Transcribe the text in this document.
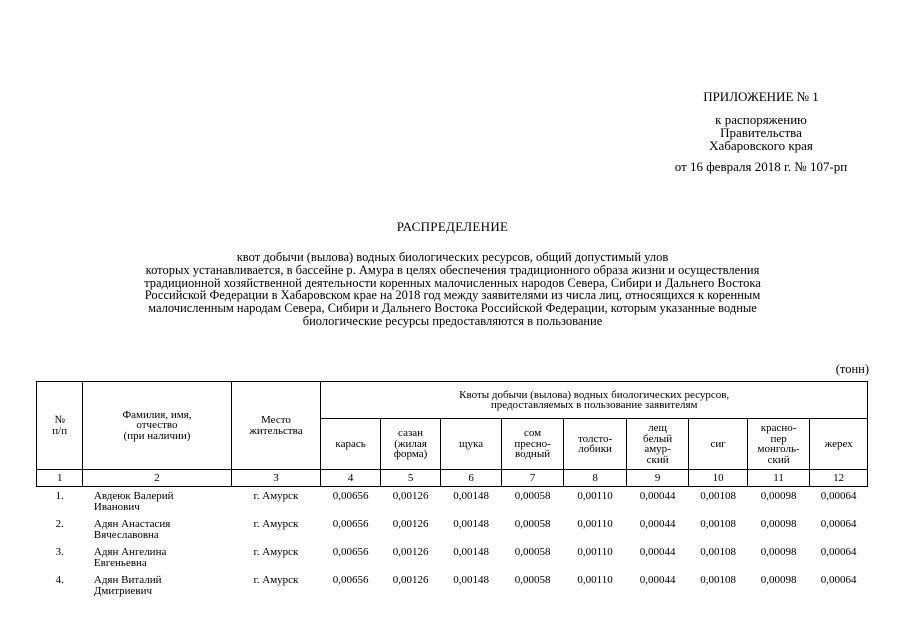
ПРИЛОЖЕНИЕ № 1
к распоряжению
Правительства
Хабаровского края
от 16 февраля 2018 г. № 107-рп
РАСПРЕДЕЛЕНИЕ
квот добычи (вылова) водных биологических ресурсов, общий допустимый улов
которых устанавливается, в бассейне р. Амура в целях обеспечения традиционного образа жизни и осуществления
традиционной хозяйственной деятельности коренных малочисленных народов Севера, Сибири и Дальнего Востока
Российской Федерации в Хабаровском крае на 2018 год между заявителями из числа лиц, относящихся к коренным
малочисленным народам Севера, Сибири и Дальнего Востока Российской Федерации, которым указанные водные
биологические ресурсы предоставляются в пользование
(тонн)
№
п/п	Фамилия, имя,
отчество
(при наличии)	Место
жительства	Квоты добычи (вылова) водных биологических ресурсов,
предоставляемых в пользование заявителям								
			карась	сазан
(жилая
форма)	щука	сом
пресно-
водный	толсто-
лобики	лещ
белый
амур-
ский	сиг	красно-
пер
монголь-
ский	жерех
1	2	3	4	5	6	7	8	9	10	11	12
1.	Авдеюк Валерий
Иванович	г. Амурск	0,00656	0,00126	0,00148	0,00058	0,00110	0,00044	0,00108	0,00098	0,00064
2.	Адян Анастасия
Вячеславовна	г. Амурск	0,00656	0,00126	0,00148	0,00058	0,00110	0,00044	0,00108	0,00098	0,00064
3.	Адян Ангелина
Евгеньевна	г. Амурск	0,00656	0,00126	0,00148	0,00058	0,00110	0,00044	0,00108	0,00098	0,00064
4.	Адян Виталий
Дмитриевич	г. Амурск	0,00656	0,00126	0,00148	0,00058	0,00110	0,00044	0,00108	0,00098	0,00064
